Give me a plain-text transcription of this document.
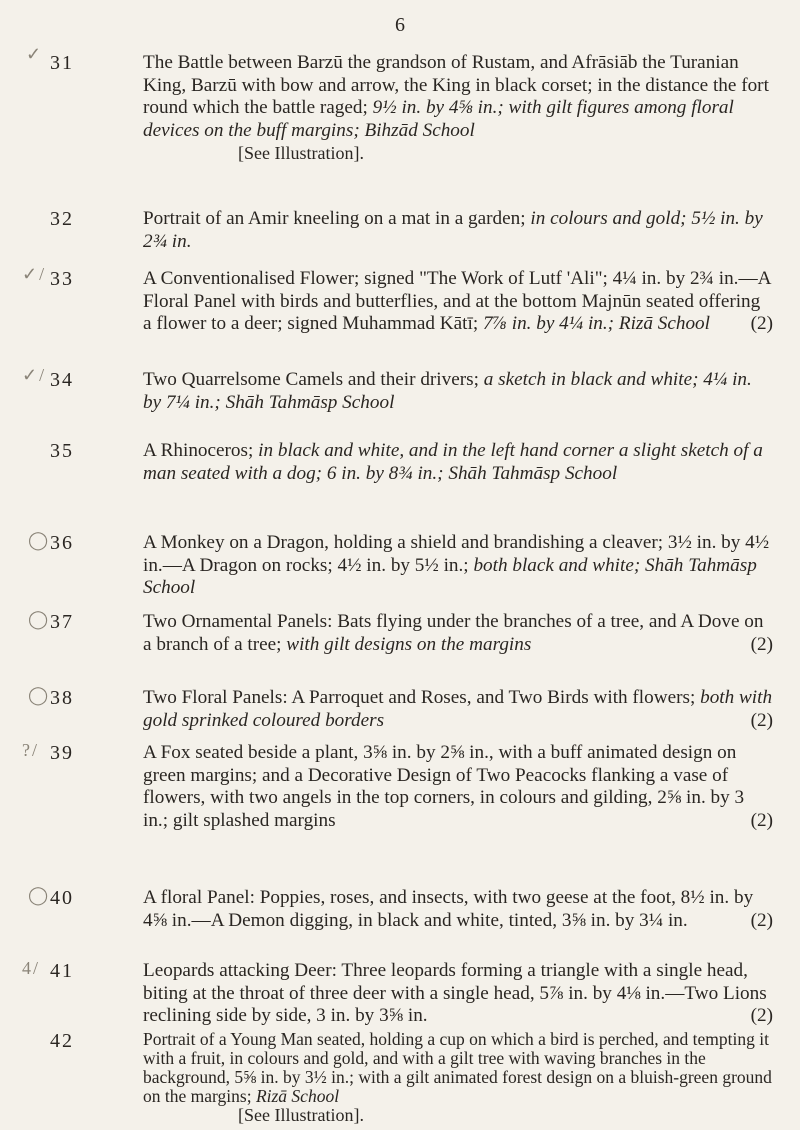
6
✓ 31	The Battle between Barzū the grandson of Rustam, and Afrāsiāb the Turanian King, Barzū with bow and arrow, the King in black corset; in the distance the fort round which the battle raged; 9½ in. by 4⅝ in.; with gilt figures among floral devices on the buff margins; Bihzād School
[See Illustration].
32	Portrait of an Amir kneeling on a mat in a garden; in colours and gold; 5½ in. by 2¾ in.
✓/ 33	A Conventionalised Flower; signed "The Work of Lutf 'Ali"; 4¼ in. by 2¾ in.—A Floral Panel with birds and butterflies, and at the bottom Majnūn seated offering a flower to a deer; signed Muhammad Kātī; 7⅞ in. by 4¼ in.; Rizā School (2)
✓/ 34	Two Quarrelsome Camels and their drivers; a sketch in black and white; 4¼ in. by 7¼ in.; Shāh Tahmāsp School
35	A Rhinoceros; in black and white, and in the left hand corner a slight sketch of a man seated with a dog; 6 in. by 8¾ in.; Shāh Tahmāsp School
◯ 36	A Monkey on a Dragon, holding a shield and brandishing a cleaver; 3½ in. by 4½ in.—A Dragon on rocks; 4½ in. by 5½ in.; both black and white; Shāh Tahmāsp School
◯ 37	Two Ornamental Panels: Bats flying under the branches of a tree, and A Dove on a branch of a tree; with gilt designs on the margins	(2)
◯ 38	Two Floral Panels: A Parroquet and Roses, and Two Birds with flowers; both with gold sprinked coloured borders	(2)
?/ 39	A Fox seated beside a plant, 3⅝ in. by 2⅝ in., with a buff animated design on green margins; and a Decorative Design of Two Peacocks flanking a vase of flowers, with two angels in the top corners, in colours and gilding, 2⅝ in. by 3 in.; gilt splashed margins	(2)
◯ 40	A floral Panel: Poppies, roses, and insects, with two geese at the foot, 8½ in. by 4⅝ in.—A Demon digging, in black and white, tinted, 3⅝ in. by 3¼ in.	(2)
4/ 41	Leopards attacking Deer: Three leopards forming a triangle with a single head, biting at the throat of three deer with a single head, 5⅞ in. by 4⅛ in.—Two Lions reclining side by side, 3 in. by 3⅝ in.	(2)
42	Portrait of a Young Man seated, holding a cup on which a bird is perched, and tempting it with a fruit, in colours and gold, and with a gilt tree with waving branches in the background, 5⅝ in. by 3½ in.; with a gilt animated forest design on a bluish-green ground on the margins; Rizā School
[See Illustration].
